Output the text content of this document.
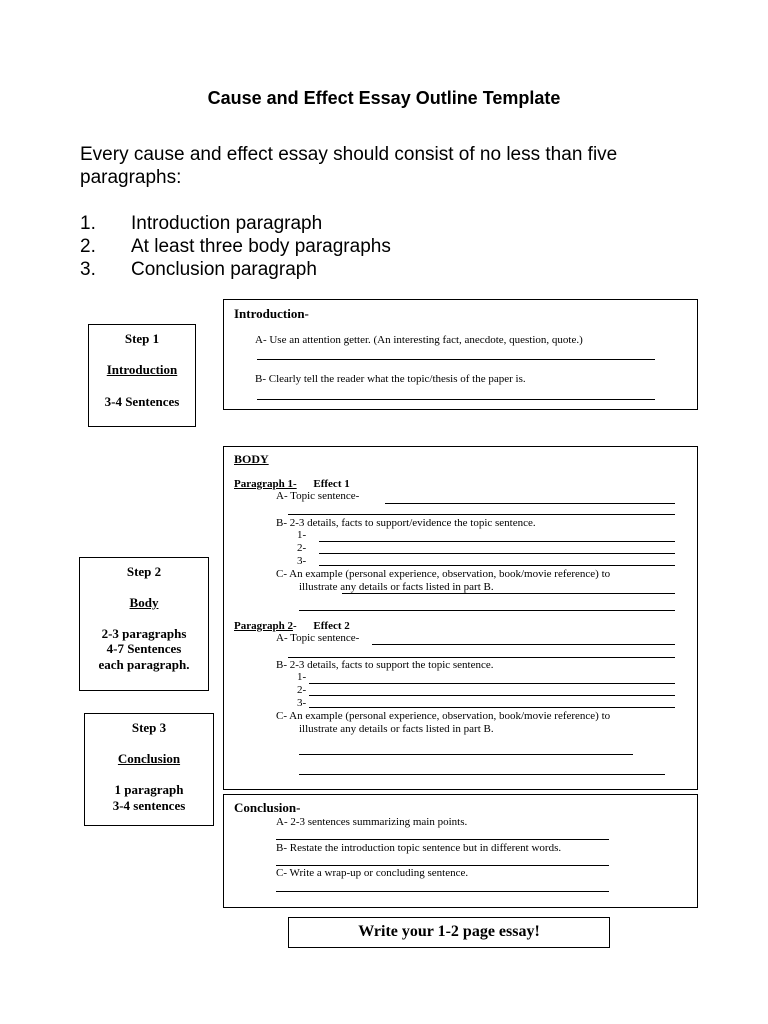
Cause and Effect Essay Outline Template
Every cause and effect essay should consist of no less than five paragraphs:
1. Introduction paragraph
2. At least three body paragraphs
3. Conclusion paragraph
Step 1
Introduction
3-4 Sentences
Step 2
Body
2-3 paragraphs
4-7 Sentences
each paragraph.
Step 3
Conclusion
1 paragraph
3-4 sentences
Introduction-
A- Use an attention getter. (An interesting fact, anecdote, question, quote.)
B- Clearly tell the reader what the topic/thesis of the paper is.
BODY
Paragraph 1- Effect 1
A- Topic sentence-
B- 2-3 details, facts to support/evidence the topic sentence.
1-
2-
3-
C- An example (personal experience, observation, book/movie reference) to
illustrate any details or facts listed in part B.
Paragraph 2- Effect 2
A- Topic sentence-
B- 2-3 details, facts to support the topic sentence.
1-
2-
3-
C- An example (personal experience, observation, book/movie reference) to
illustrate any details or facts listed in part B.
Conclusion-
A- 2-3 sentences summarizing main points.
B- Restate the introduction topic sentence but in different words.
C- Write a wrap-up or concluding sentence.
Write your 1-2 page essay!
